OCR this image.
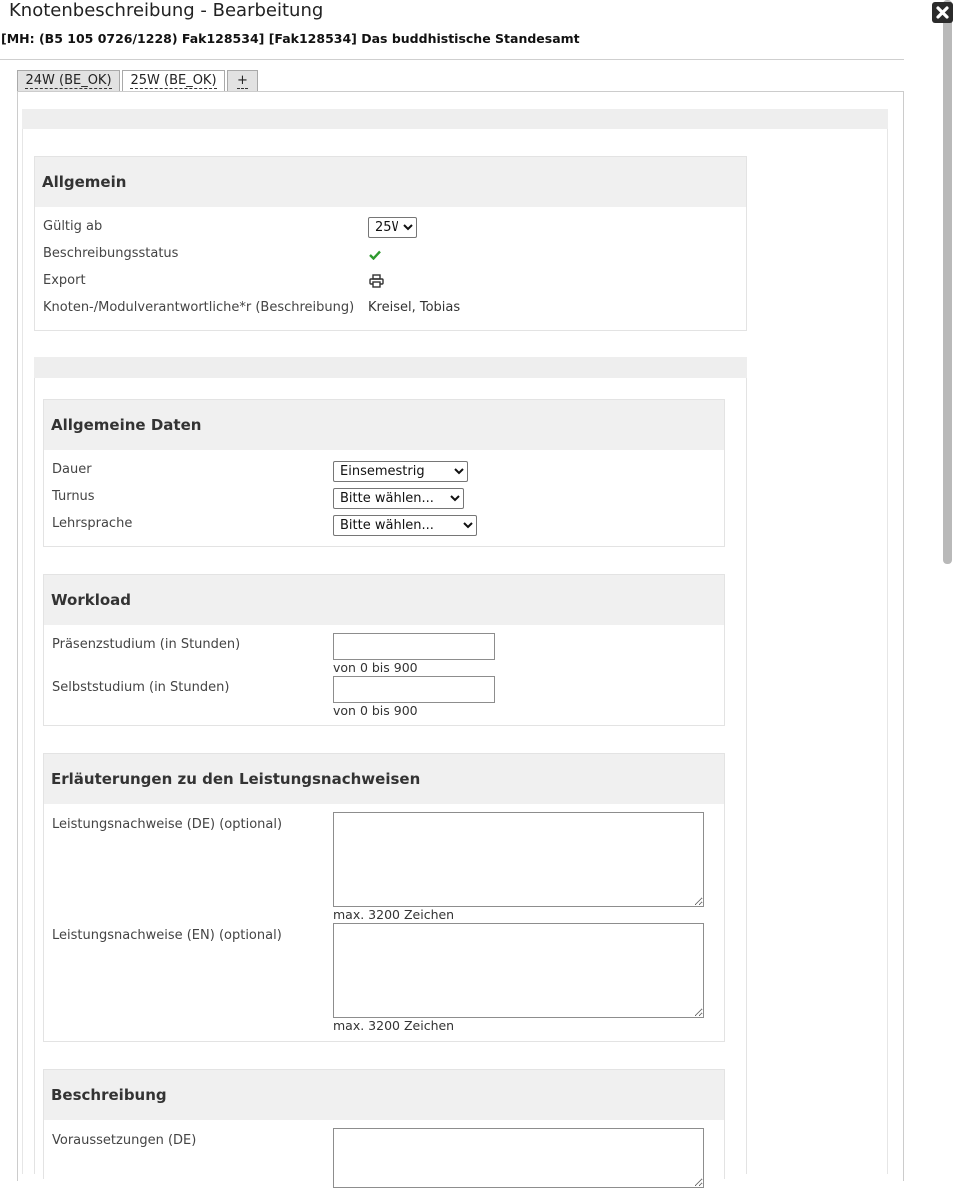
Knotenbeschreibung - Bearbeitung
[MH: (B5 105 0726/1228) Fak128534] [Fak128534] Das buddhistische Standesamt
24W (BE_OK)	25W (BE_OK)	+
Allgemein
Gültig ab
25W
Beschreibungsstatus
Export
Knoten-/Modulverantwortliche*r (Beschreibung) Kreisel, Tobias
Allgemeine Daten
Dauer
Einsemestrig
Turnus
Bitte wählen...
Lehrsprache
Bitte wählen...
Workload
Präsenzstudium (in Stunden)
von 0 bis 900
Selbststudium (in Stunden)
von 0 bis 900
Erläuterungen zu den Leistungsnachweisen
Leistungsnachweise (DE) (optional)
max. 3200 Zeichen
Leistungsnachweise (EN) (optional)
max. 3200 Zeichen
Beschreibung
Voraussetzungen (DE)
